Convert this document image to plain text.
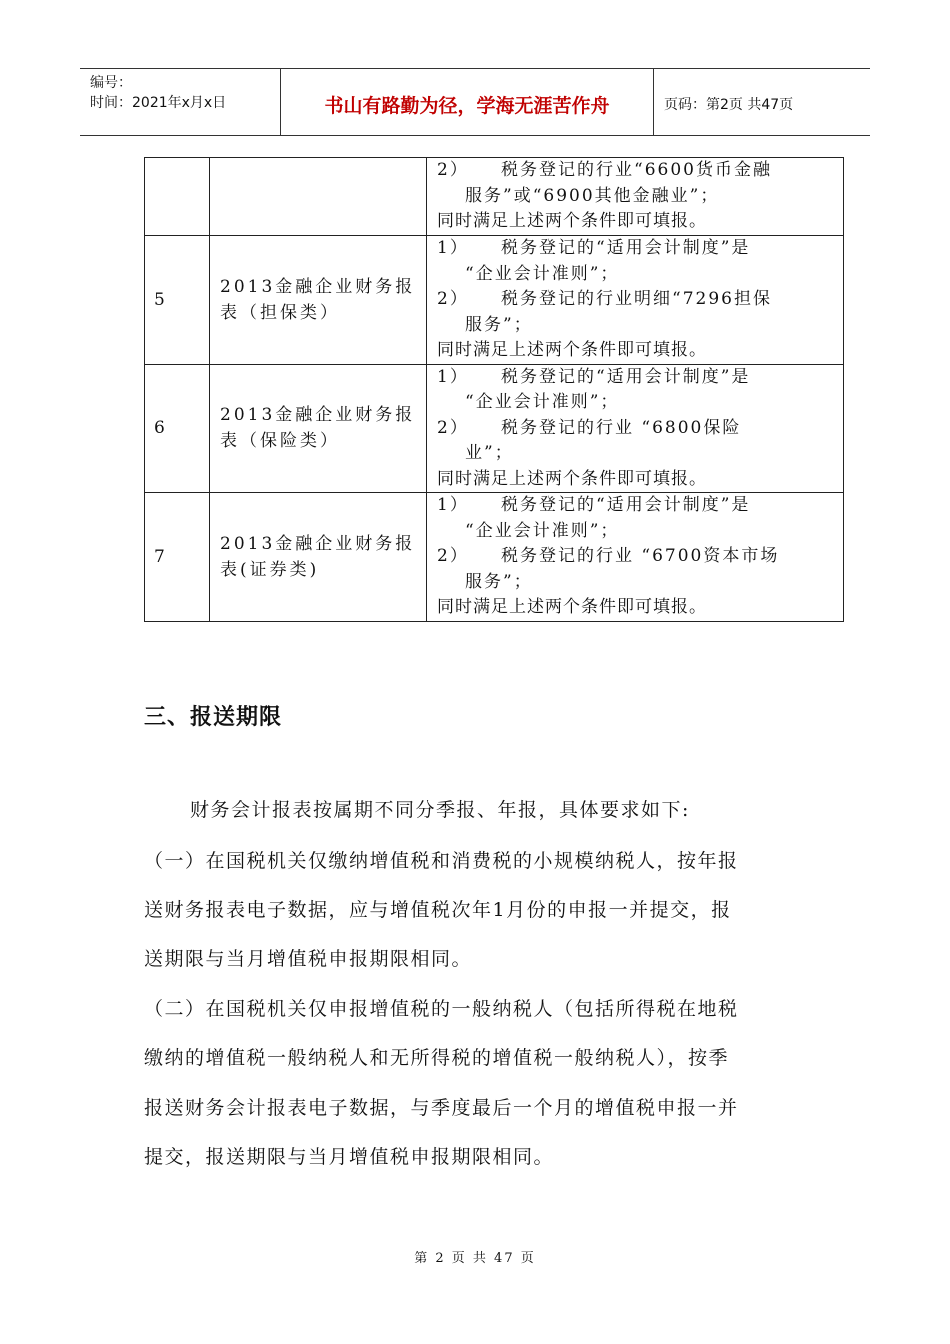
编号：
时间：2021年x月x日	书山有路勤为径，学海无涯苦作舟	页码：第2页 共47页

		2） 税务登记的行业“6600货币金融
服务”或“6900其他金融业”；
同时满足上述两个条件即可填报。

5	2013金融企业财务报表（担保类）	1） 税务登记的“适用会计制度”是
“企业会计准则”；
2） 税务登记的行业明细“7296担保
服务”；
同时满足上述两个条件即可填报。

6	2013金融企业财务报表（保险类）	1） 税务登记的“适用会计制度”是
“企业会计准则”；
2） 税务登记的行业 “6800保险
业”；
同时满足上述两个条件即可填报。

7	2013金融企业财务报表(证券类)	1） 税务登记的“适用会计制度”是
“企业会计准则”；
2） 税务登记的行业 “6700资本市场
服务”；
同时满足上述两个条件即可填报。
三、报送期限
财务会计报表按属期不同分季报、年报，具体要求如下:
（一）在国税机关仅缴纳增值税和消费税的小规模纳税人，按年报
送财务报表电子数据，应与增值税次年1月份的申报一并提交，报
送期限与当月增值税申报期限相同。
（二）在国税机关仅申报增值税的一般纳税人（包括所得税在地税
缴纳的增值税一般纳税人和无所得税的增值税一般纳税人），按季
报送财务会计报表电子数据，与季度最后一个月的增值税申报一并
提交，报送期限与当月增值税申报期限相同。
第 2 页 共 47 页
